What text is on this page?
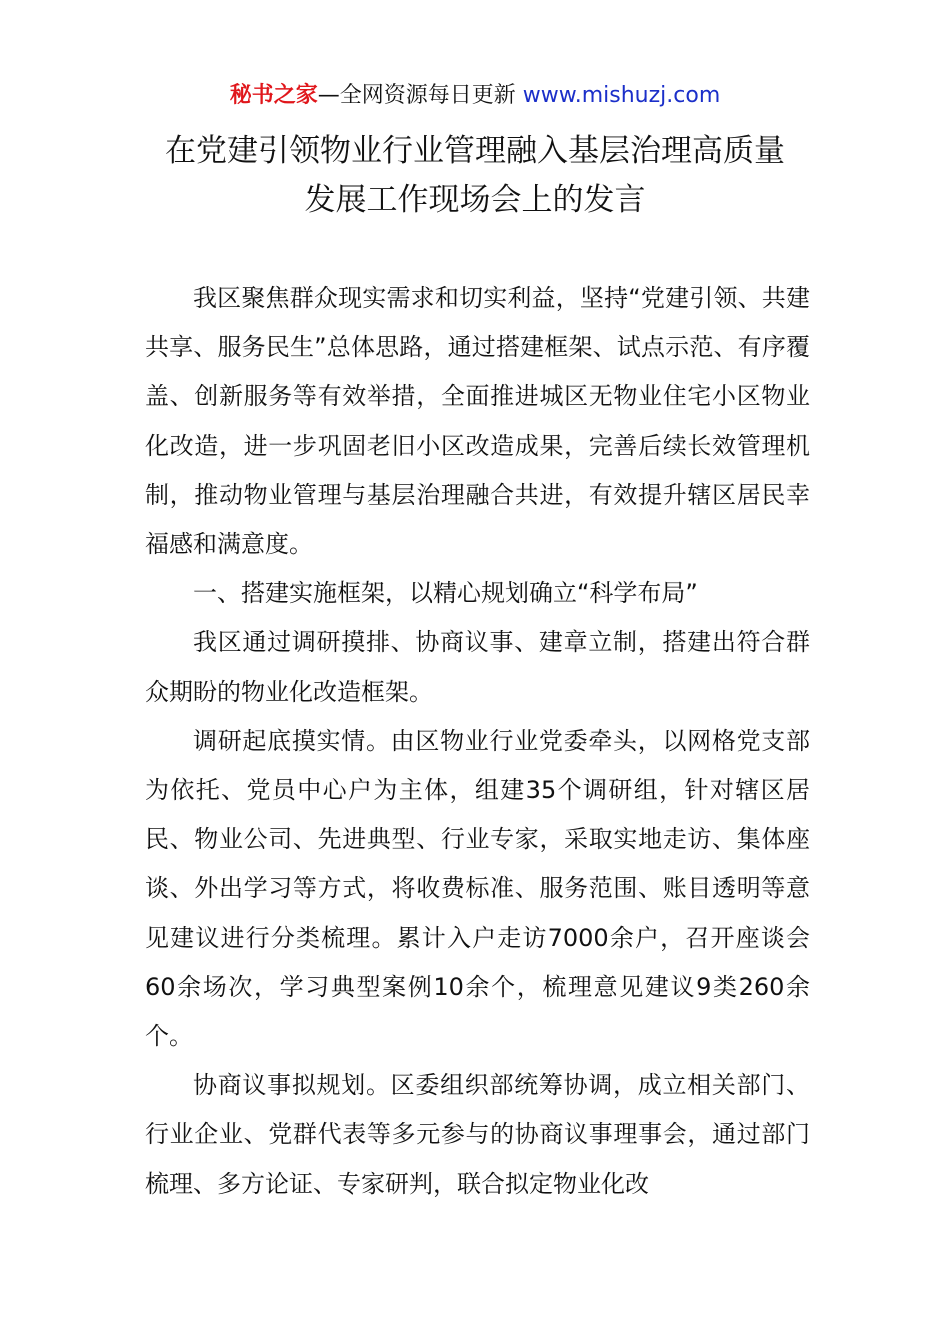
秘书之家—全网资源每日更新 www.mishuzj.com
在党建引领物业行业管理融入基层治理高质量
发展工作现场会上的发言

我区聚焦群众现实需求和切实利益，坚持“党建引领、共建共享、服务民生”总体思路，通过搭建框架、试点示范、有序覆盖、创新服务等有效举措，全面推进城区无物业住宅小区物业化改造，进一步巩固老旧小区改造成果，完善后续长效管理机制，推动物业管理与基层治理融合共进，有效提升辖区居民幸福感和满意度。

一、搭建实施框架，以精心规划确立“科学布局”

我区通过调研摸排、协商议事、建章立制，搭建出符合群众期盼的物业化改造框架。

调研起底摸实情。由区物业行业党委牵头，以网格党支部为依托、党员中心户为主体，组建35个调研组，针对辖区居民、物业公司、先进典型、行业专家，采取实地走访、集体座谈、外出学习等方式，将收费标准、服务范围、账目透明等意见建议进行分类梳理。累计入户走访7000余户，召开座谈会60余场次，学习典型案例10余个，梳理意见建议9类260余个。

协商议事拟规划。区委组织部统筹协调，成立相关部门、行业企业、党群代表等多元参与的协商议事理事会，通过部门梳理、多方论证、专家研判，联合拟定物业化改
